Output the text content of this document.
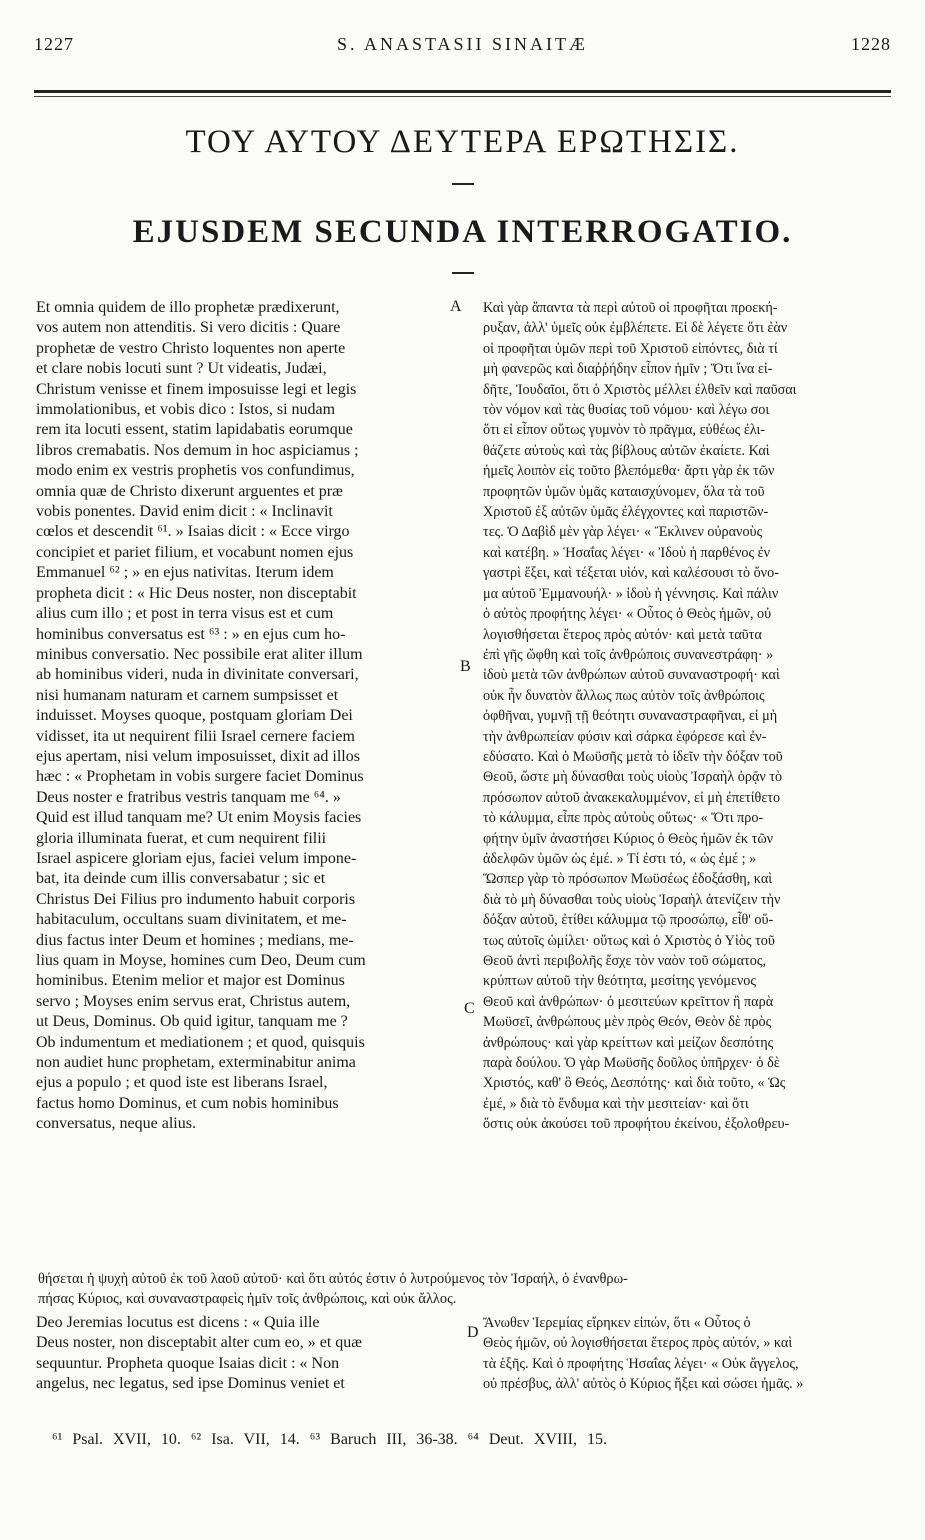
1227	S. ANASTASII SINAITÆ	1228
ΤΟΥ ΑΥΤΟΥ ΔΕΥΤΕΡΑ ΕΡΩΤΗΣΙΣ.
EJUSDEM SECUNDA INTERROGATIO.

Et omnia quidem de illo prophetæ prædixerunt,
vos autem non attenditis. Si vero dicitis : Quare
prophetæ de vestro Christo loquentes non aperte
et clare nobis locuti sunt ? Ut videatis, Judæi,
Christum venisse et finem imposuisse legi et legis
immolationibus, et vobis dico : Istos, si nudam
rem ita locuti essent, statim lapidabatis eorumque
libros cremabatis. Nos demum in hoc aspiciamus ;
modo enim ex vestris prophetis vos confundimus,
omnia quæ de Christo dixerunt arguentes et præ
vobis ponentes. David enim dicit : « Inclinavit
cœlos et descendit ⁶¹. » Isaias dicit : « Ecce virgo
concipiet et pariet filium, et vocabunt nomen ejus
Emmanuel ⁶² ; » en ejus nativitas. Iterum idem
propheta dicit : « Hic Deus noster, non disceptabit
alius cum illo ; et post in terra visus est et cum
hominibus conversatus est ⁶³ : » en ejus cum ho-
minibus conversatio. Nec possibile erat aliter illum
ab hominibus videri, nuda in divinitate conversari,
nisi humanam naturam et carnem sumpsisset et
induisset. Moyses quoque, postquam gloriam Dei
vidisset, ita ut nequirent filii Israel cernere faciem
ejus apertam, nisi velum imposuisset, dixit ad illos
hæc : « Prophetam in vobis surgere faciet Dominus
Deus noster e fratribus vestris tanquam me ⁶⁴. »
Quid est illud tanquam me? Ut enim Moysis facies
gloria illuminata fuerat, et cum nequirent filii
Israel aspicere gloriam ejus, faciei velum impone-
bat, ita deinde cum illis conversabatur ; sic et
Christus Dei Filius pro indumento habuit corporis
habitaculum, occultans suam divinitatem, et me-
dius factus inter Deum et homines ; medians, me-
lius quam in Moyse, homines cum Deo, Deum cum
hominibus. Etenim melior et major est Dominus
servo ; Moyses enim servus erat, Christus autem,
ut Deus, Dominus. Ob quid igitur, tanquam me ?
Ob indumentum et mediationem ; et quod, quisquis
non audiet hunc prophetam, exterminabitur anima
ejus a populo ; et quod iste est liberans Israel,
factus homo Dominus, et cum nobis hominibus
conversatus, neque alius.

Καὶ γὰρ ἅπαντα τὰ περὶ αὐτοῦ οἱ προφῆται προεκή-
ρυξαν, ἀλλ' ὑμεῖς οὐκ ἐμβλέπετε. Εἰ δὲ λέγετε ὅτι ἐὰν
οἱ προφῆται ὑμῶν περὶ τοῦ Χριστοῦ εἰπόντες, διὰ τί
μὴ φανερῶς καὶ διαῤῥήδην εἶπον ἡμῖν ; Ὅτι ἵνα εἰ-
δῆτε, Ἰουδαῖοι, ὅτι ὁ Χριστὸς μέλλει ἐλθεῖν καὶ παῦσαι
τὸν νόμον καὶ τὰς θυσίας τοῦ νόμου· καὶ λέγω σοι
ὅτι εἰ εἶπον οὕτως γυμνὸν τὸ πρᾶγμα, εὐθέως ἐλι-
θάζετε αὐτοὺς καὶ τὰς βίβλους αὐτῶν ἐκαίετε. Καὶ
ἡμεῖς λοιπὸν εἰς τοῦτο βλεπόμεθα· ἄρτι γὰρ ἐκ τῶν
προφητῶν ὑμῶν ὑμᾶς καταισχύνομεν, ὅλα τὰ τοῦ
Χριστοῦ ἐξ αὐτῶν ὑμᾶς ἐλέγχοντες καὶ παριστῶν-
τες. Ὁ Δαβὶδ μὲν γὰρ λέγει· « Ἔκλινεν οὐρανοὺς
καὶ κατέβη. » Ἡσαΐας λέγει· « Ἰδοὺ ἡ παρθένος ἐν
γαστρὶ ἕξει, καὶ τέξεται υἱόν, καὶ καλέσουσι τὸ ὄνο-
μα αὐτοῦ Ἐμμανουήλ· » ἰδοὺ ἡ γέννησις. Καὶ πάλιν
ὁ αὐτὸς προφήτης λέγει· « Οὗτος ὁ Θεὸς ἡμῶν, οὐ
λογισθήσεται ἕτερος πρὸς αὐτόν· καὶ μετὰ ταῦτα
ἐπὶ γῆς ὤφθη καὶ τοῖς ἀνθρώποις συνανεστράφη· »
ἰδοὺ μετὰ τῶν ἀνθρώπων αὐτοῦ συναναστροφή· καὶ
οὐκ ἦν δυνατὸν ἄλλως πως αὐτὸν τοῖς ἀνθρώποις
ὀφθῆναι, γυμνῇ τῇ θεότητι συναναστραφῆναι, εἰ μὴ
τὴν ἀνθρωπείαν φύσιν καὶ σάρκα ἐφόρεσε καὶ ἐν-
εδύσατο. Καὶ ὁ Μωϋσῆς μετὰ τὸ ἰδεῖν τὴν δόξαν τοῦ
Θεοῦ, ὥστε μὴ δύνασθαι τοὺς υἱοὺς Ἰσραὴλ ὁρᾷν τὸ
πρόσωπον αὐτοῦ ἀνακεκαλυμμένον, εἰ μὴ ἐπετίθετο
τὸ κάλυμμα, εἶπε πρὸς αὐτοὺς οὕτως· « Ὅτι προ-
φήτην ὑμῖν ἀναστήσει Κύριος ὁ Θεὸς ἡμῶν ἐκ τῶν
ἀδελφῶν ὑμῶν ὡς ἐμέ. » Τί ἐστι τό, « ὡς ἐμέ ; »
Ὥσπερ γὰρ τὸ πρόσωπον Μωϋσέως ἐδοξάσθη, καὶ
διὰ τὸ μὴ δύνασθαι τοὺς υἱοὺς Ἰσραὴλ ἀτενίζειν τὴν
δόξαν αὐτοῦ, ἐτίθει κάλυμμα τῷ προσώπῳ, εἶθ' οὕ-
τως αὐτοῖς ὡμίλει· οὕτως καὶ ὁ Χριστὸς ὁ Υἱὸς τοῦ
Θεοῦ ἀντὶ περιβολῆς ἔσχε τὸν ναὸν τοῦ σώματος,
κρύπτων αὐτοῦ τὴν θεότητα, μεσίτης γενόμενος
Θεοῦ καὶ ἀνθρώπων· ὁ μεσιτεύων κρεῖττον ἢ παρὰ
Μωϋσεῖ, ἀνθρώπους μὲν πρὸς Θεόν, Θεὸν δὲ πρὸς
ἀνθρώπους· καὶ γὰρ κρείττων καὶ μείζων δεσπότης
παρὰ δούλου. Ὁ γὰρ Μωϋσῆς δοῦλος ὑπῆρχεν· ὁ δὲ
Χριστός, καθ' ὃ Θεός, Δεσπότης· καὶ διὰ τοῦτο, « Ὡς
ἐμέ, » διὰ τὸ ἔνδυμα καὶ τὴν μεσιτείαν· καὶ ὅτι
ὅστις οὐκ ἀκούσει τοῦ προφήτου ἐκείνου, ἐξολοθρευ-

A
B
C
D

θήσεται ἡ ψυχὴ αὐτοῦ ἐκ τοῦ λαοῦ αὐτοῦ· καὶ ὅτι αὐτός ἐστιν ὁ λυτρούμενος τὸν Ἰσραήλ, ὁ ἐνανθρω-
πήσας Κύριος, καὶ συναναστραφεὶς ἡμῖν τοῖς ἀνθρώποις, καὶ οὐκ ἄλλος.

Deo Jeremias locutus est dicens : « Quia ille
Deus noster, non disceptabit alter cum eo, » et quæ
sequuntur. Propheta quoque Isaias dicit : « Non
angelus, nec legatus, sed ipse Dominus veniet et

Ἄνωθεν Ἱερεμίας εἴρηκεν εἰπών, ὅτι « Οὗτος ὁ
Θεὸς ἡμῶν, οὐ λογισθήσεται ἕτερος πρὸς αὐτόν, » καὶ
τὰ ἑξῆς. Καὶ ὁ προφήτης Ἡσαΐας λέγει· « Οὐκ ἄγγελος,
οὐ πρέσβυς, ἀλλ' αὐτὸς ὁ Κύριος ἥξει καὶ σώσει ἡμᾶς. »

⁶¹ Psal. XVII, 10. ⁶² Isa. VII, 14. ⁶³ Baruch III, 36-38. ⁶⁴ Deut. XVIII, 15.
